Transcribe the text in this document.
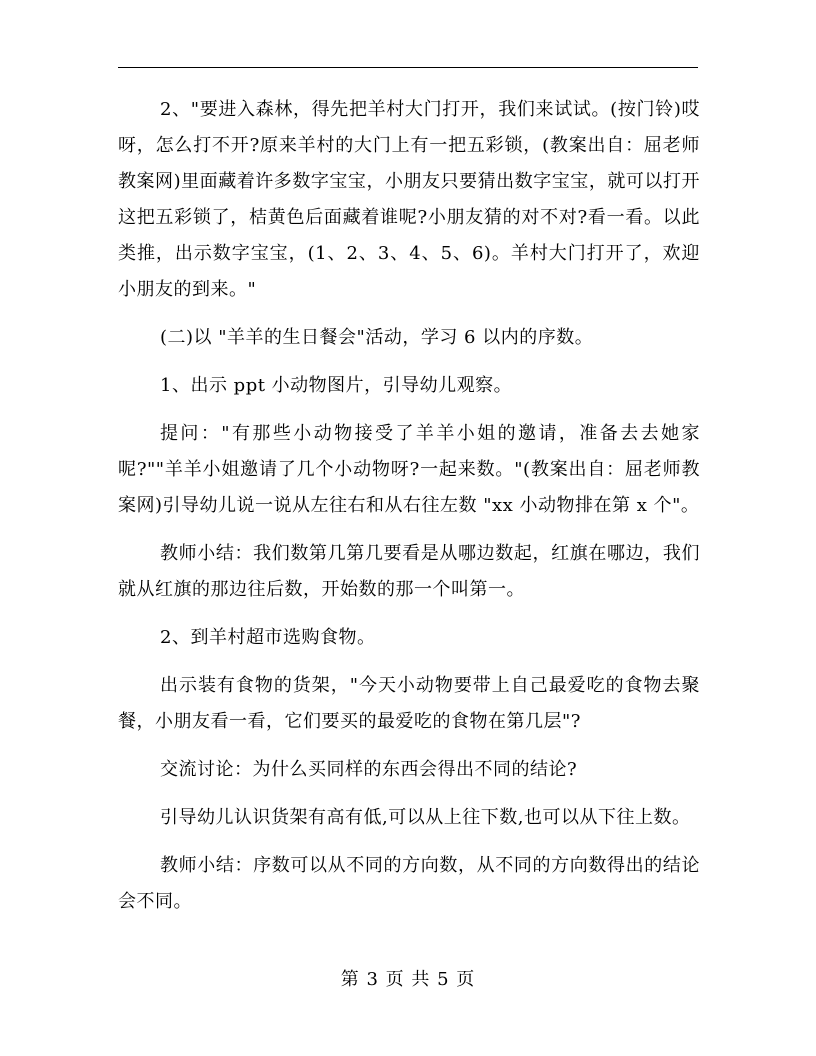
2、"要进入森林，得先把羊村大门打开，我们来试试。(按门铃)哎呀，怎么打不开?原来羊村的大门上有一把五彩锁，(教案出自：屈老师教案网)里面藏着许多数字宝宝，小朋友只要猜出数字宝宝，就可以打开这把五彩锁了，桔黄色后面藏着谁呢?小朋友猜的对不对?看一看。以此类推，出示数字宝宝，(1、2、3、4、5、6)。羊村大门打开了，欢迎小朋友的到来。"

(二)以 "羊羊的生日餐会"活动，学习 6 以内的序数。

1、出示 ppt 小动物图片，引导幼儿观察。

提问："有那些小动物接受了羊羊小姐的邀请，准备去去她家呢?""羊羊小姐邀请了几个小动物呀?一起来数。"(教案出自：屈老师教案网)引导幼儿说一说从左往右和从右往左数 "xx 小动物排在第 x 个"。

教师小结：我们数第几第几要看是从哪边数起，红旗在哪边，我们就从红旗的那边往后数，开始数的那一个叫第一。

2、到羊村超市选购食物。

出示装有食物的货架，"今天小动物要带上自己最爱吃的食物去聚餐，小朋友看一看，它们要买的最爱吃的食物在第几层"?

交流讨论：为什么买同样的东西会得出不同的结论?

引导幼儿认识货架有高有低,可以从上往下数,也可以从下往上数。

教师小结：序数可以从不同的方向数，从不同的方向数得出的结论会不同。

第 3 页 共 5 页
